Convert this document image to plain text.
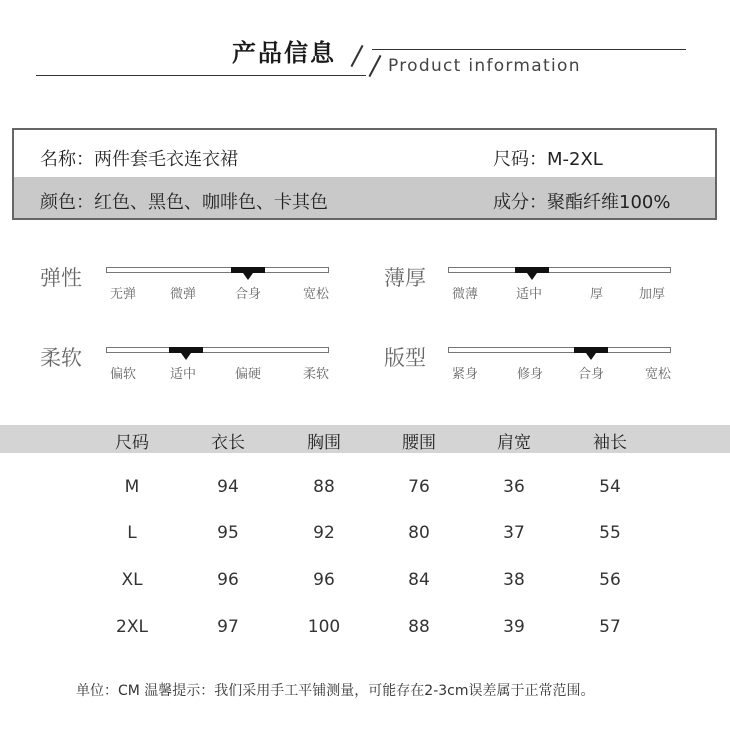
产品信息	Product information
名称：两件套毛衣连衣裙	尺码：M-2XL
颜色：红色、黑色、咖啡色、卡其色	成分：聚酯纤维100%
弹性
无弹	微弹	合身	宽松
薄厚
微薄	适中	厚	加厚
柔软
偏软	适中	偏硬	柔软
版型
紧身	修身	合身	宽松
尺码	衣长	胸围	腰围	肩宽	袖长
M	94	88	76	36	54
L	95	92	80	37	55
XL	96	96	84	38	56
2XL	97	100	88	39	57
单位：CM 温馨提示：我们采用手工平铺测量，可能存在2-3cm误差属于正常范围。
